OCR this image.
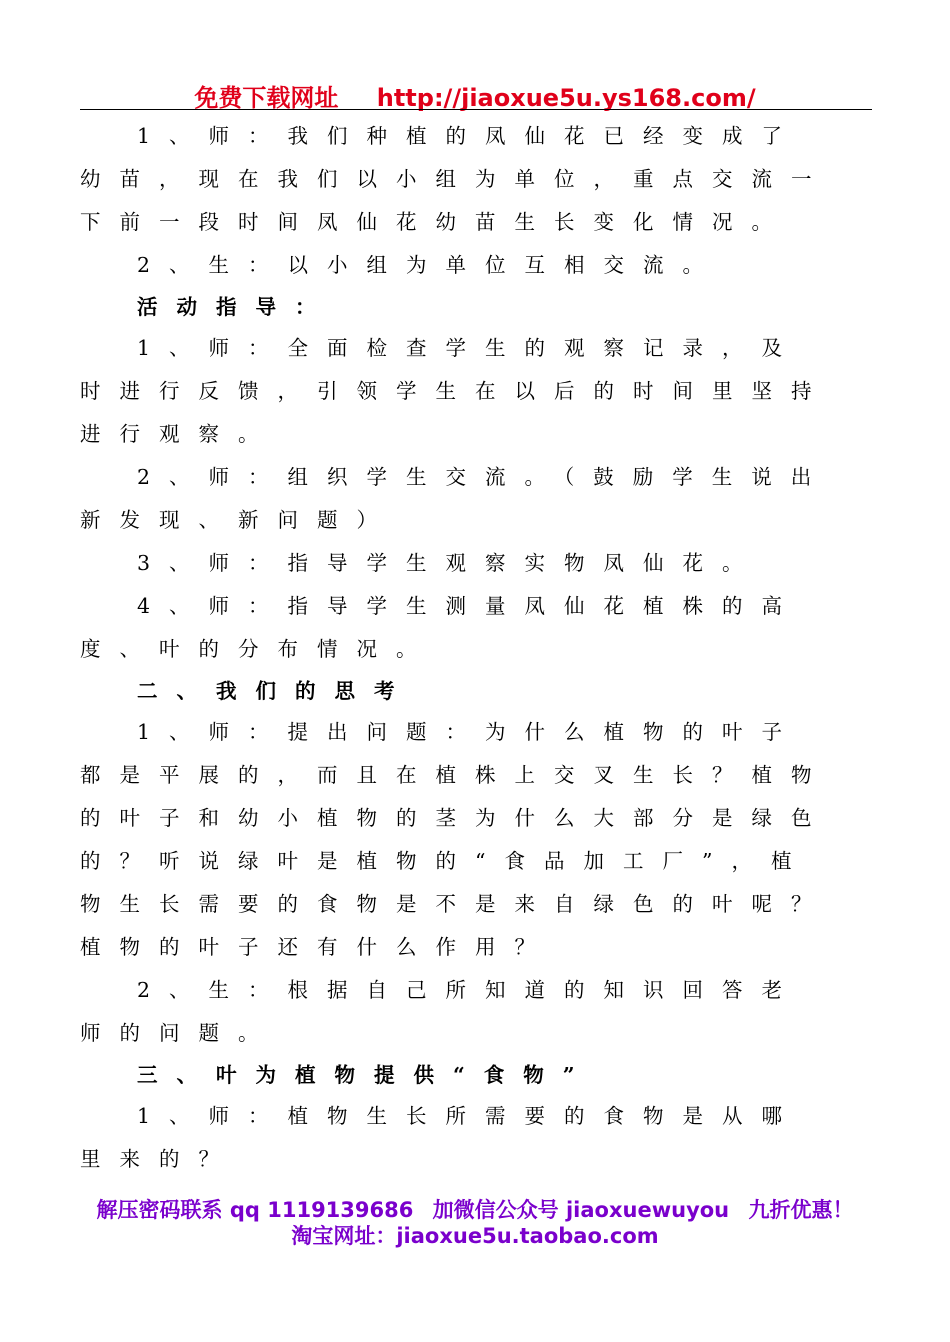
免费下载网址 http://jiaoxue5u.ys168.com/

1、师：我们种植的凤仙花已经变成了幼苗，现在我们以小组为单位，重点交流一下前一段时间凤仙花幼苗生长变化情况。

2、生：以小组为单位互相交流。

活动指导：

1、师：全面检查学生的观察记录，及时进行反馈，引领学生在以后的时间里坚持进行观察。

2、师：组织学生交流。（鼓励学生说出新发现、新问题）

3、师：指导学生观察实物凤仙花。

4、师：指导学生测量凤仙花植株的高度、叶的分布情况。

二、我们的思考

1、师：提出问题：为什么植物的叶子都是平展的，而且在植株上交叉生长？植物的叶子和幼小植物的茎为什么大部分是绿色的？听说绿叶是植物的“食品加工厂”，植物生长需要的食物是不是来自绿色的叶呢？植物的叶子还有什么作用？

2、生：根据自己所知道的知识回答老师的问题。

三、叶为植物提供“食物”

1、师：植物生长所需要的食物是从哪里来的？

解压密码联系 qq 1119139686 加微信公众号 jiaoxuewuyou 九折优惠！
淘宝网址：jiaoxue5u.taobao.com
